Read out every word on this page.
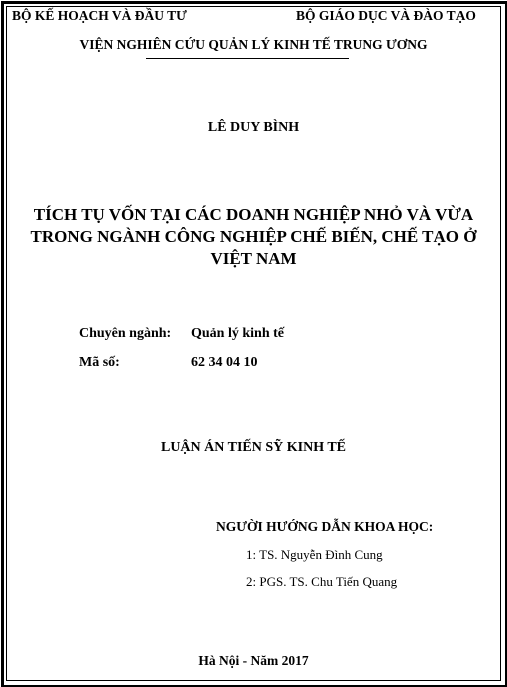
BỘ KẾ HOẠCH VÀ ĐẦU TƯ	BỘ GIÁO DỤC VÀ ĐÀO TẠO
VIỆN NGHIÊN CỨU QUẢN LÝ KINH TẾ TRUNG ƯƠNG
LÊ DUY BÌNH
TÍCH TỤ VỐN TẠI CÁC DOANH NGHIỆP NHỎ VÀ VỪA
TRONG NGÀNH CÔNG NGHIỆP CHẾ BIẾN, CHẾ TẠO Ở
VIỆT NAM
Chuyên ngành: Quản lý kinh tế
Mã số:	62 34 04 10
LUẬN ÁN TIẾN SỸ KINH TẾ
NGƯỜI HƯỚNG DẪN KHOA HỌC:
1: TS. Nguyễn Đình Cung
2: PGS. TS. Chu Tiến Quang
Hà Nội - Năm 2017
